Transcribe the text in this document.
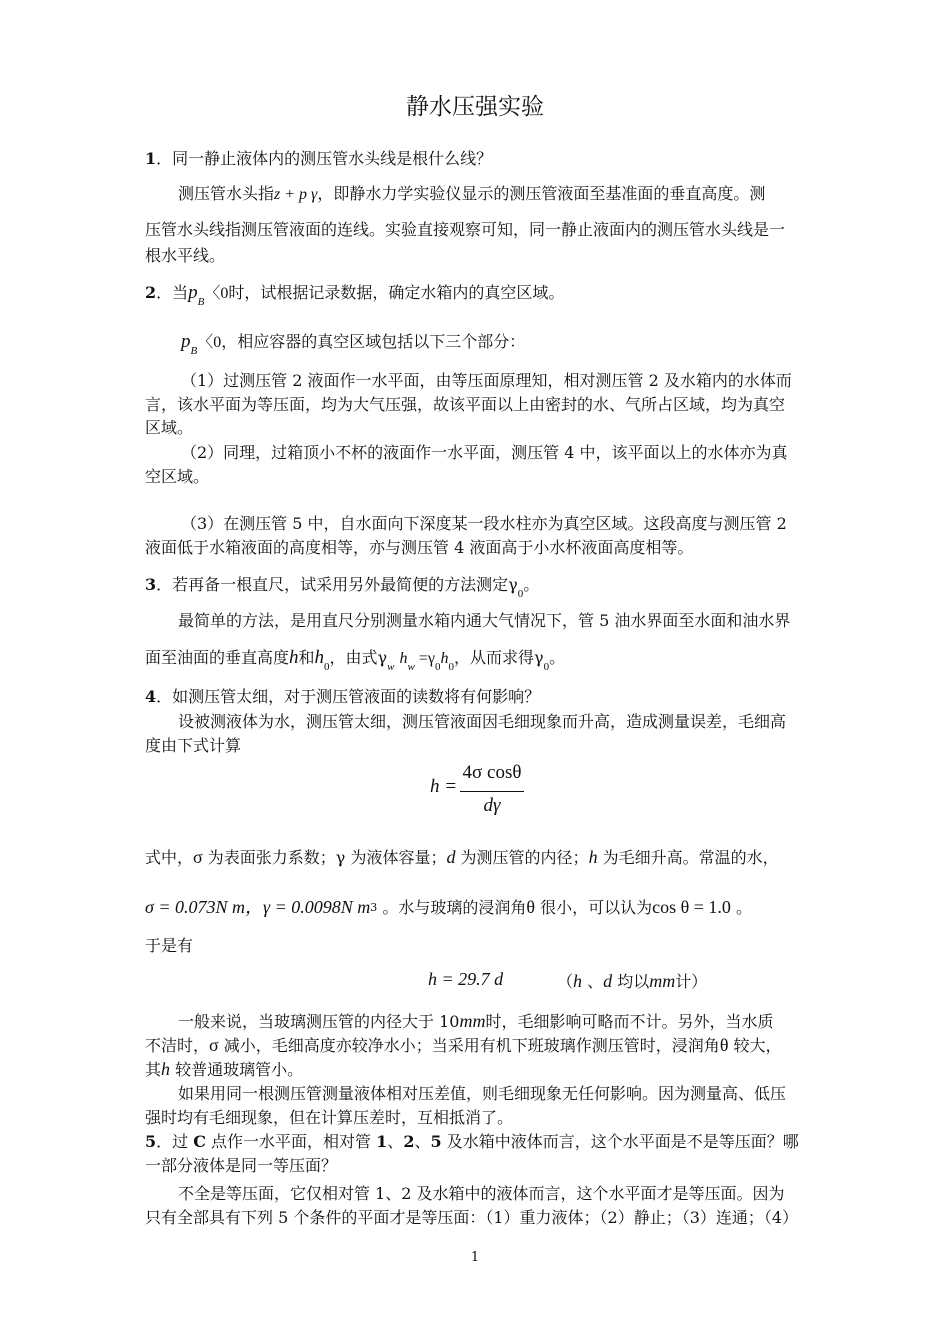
静水压强实验
1．同一静止液体内的测压管水头线是根什么线？
测压管水头指z + p γ，即静水力学实验仪显示的测压管液面至基准面的垂直高度。测
压管水头线指测压管液面的连线。实验直接观察可知，同一静止液面内的测压管水头线是一
根水平线。
2．当$p_B$〈0时，试根据记录数据，确定水箱内的真空区域。
$p_B$〈0，相应容器的真空区域包括以下三个部分：
（1）过测压管 2 液面作一水平面，由等压面原理知，相对测压管 2 及水箱内的水体而
言，该水平面为等压面，均为大气压强，故该平面以上由密封的水、气所占区域，均为真空
区域。
（2）同理，过箱顶小不杯的液面作一水平面，测压管 4 中，该平面以上的水体亦为真
空区域。
（3）在测压管 5 中，自水面向下深度某一段水柱亦为真空区域。这段高度与测压管 2
液面低于水箱液面的高度相等，亦与测压管 4 液面高于小水杯液面高度相等。
3．若再备一根直尺，试采用另外最简便的方法测定$\gamma_0$。
最简单的方法，是用直尺分别测量水箱内通大气情况下，管 5 油水界面至水面和油水界
面至油面的垂直高度h和$h_0$，由式$\gamma_w$ $h_w =\gamma_0h_0$，从而求得$\gamma_0$。
4．如测压管太细，对于测压管液面的读数将有何影响？
设被测液体为水，测压管太细，测压管液面因毛细现象而升高，造成测量误差，毛细高
度由下式计算
h =
4σ cosθ
dγ
式中，σ 为表面张力系数；γ 为液体容量；d 为测压管的内径；h 为毛细升高。常温的水，
σ = 0.073N m，γ = 0.0098N m3 。水与玻璃的浸润角θ 很小，可以认为cos θ = 1.0 。
于是有
h = 29.7 d	（h 、d 均以mm计）
一般来说，当玻璃测压管的内径大于 10mm时，毛细影响可略而不计。另外，当水质
不洁时，σ 减小，毛细高度亦较净水小；当采用有机下班玻璃作测压管时，浸润角θ 较大，
其h 较普通玻璃管小。
如果用同一根测压管测量液体相对压差值，则毛细现象无任何影响。因为测量高、低压
强时均有毛细现象，但在计算压差时，互相抵消了。
5．过 C 点作一水平面，相对管 1、2、5 及水箱中液体而言，这个水平面是不是等压面？哪
一部分液体是同一等压面？
不全是等压面，它仅相对管 1、2 及水箱中的液体而言，这个水平面才是等压面。因为
只有全部具有下列 5 个条件的平面才是等压面：（1）重力液体；（2）静止；（3）连通；（4）
1
